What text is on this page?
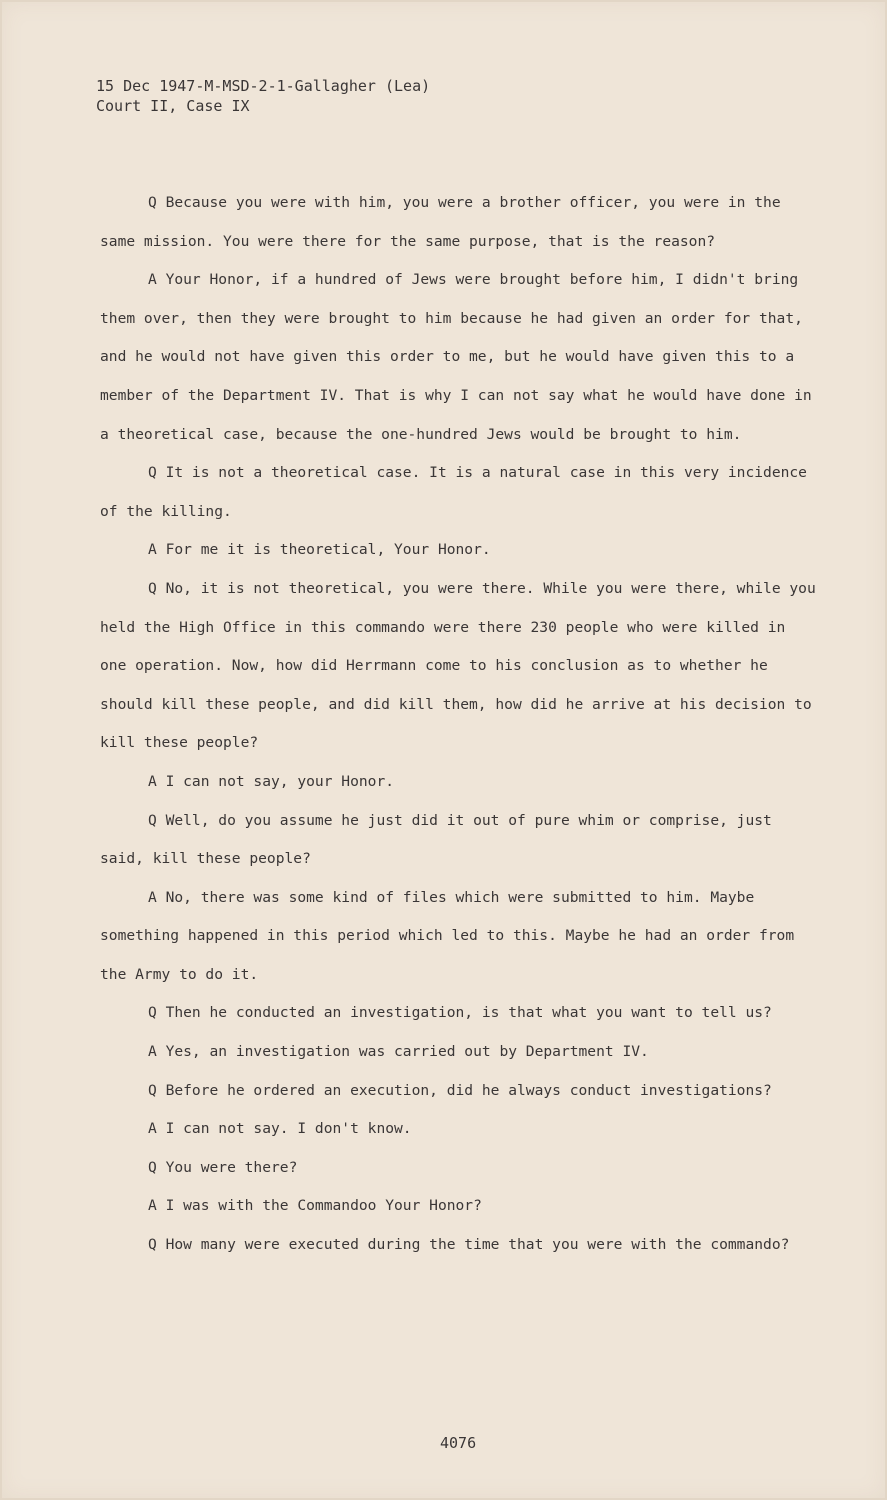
15 Dec 1947-M-MSD-2-1-Gallagher (Lea)
Court II, Case IX

Q Because you were with him, you were a brother officer, you were in the same mission. You were there for the same purpose, that is the reason?

A Your Honor, if a hundred of Jews were brought before him, I didn't bring them over, then they were brought to him because he had given an order for that, and he would not have given this order to me, but he would have given this to a member of the Department IV. That is why I can not say what he would have done in a theoretical case, because the one-hundred Jews would be brought to him.

Q It is not a theoretical case. It is a natural case in this very incidence of the killing.

A For me it is theoretical, Your Honor.

Q No, it is not theoretical, you were there. While you were there, while you held the High Office in this commando were there 230 people who were killed in one operation. Now, how did Herrmann come to his conclusion as to whether he should kill these people, and did kill them, how did he arrive at his decision to kill these people?

A I can not say, your Honor.

Q Well, do you assume he just did it out of pure whim or comprise, just said, kill these people?

A No, there was some kind of files which were submitted to him. Maybe something happened in this period which led to this. Maybe he had an order from the Army to do it.

Q Then he conducted an investigation, is that what you want to tell us?

A Yes, an investigation was carried out by Department IV.

Q Before he ordered an execution, did he always conduct investigations?

A I can not say. I don't know.

Q You were there?

A I was with the Commandoo Your Honor?

Q How many were executed during the time that you were with the commando?

4076
